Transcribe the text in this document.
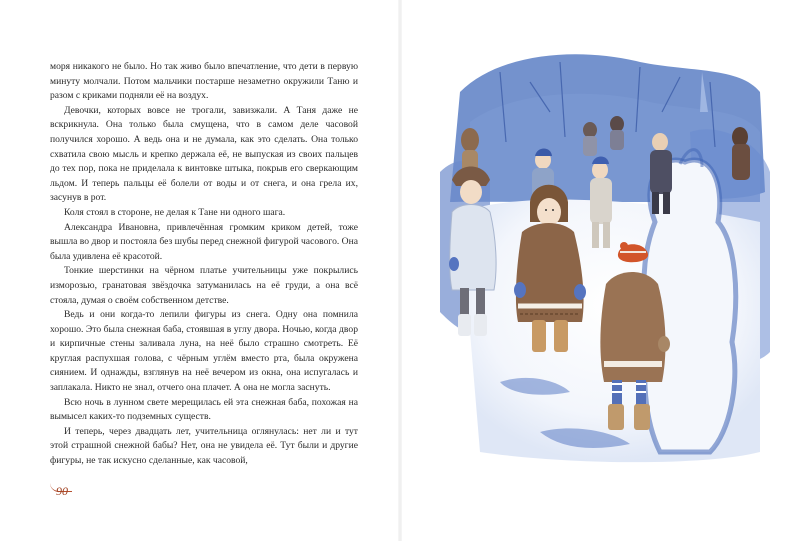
моря никакого не было. Но так живо было впечатление, что дети в первую минуту молчали. Потом мальчики постарше незаметно окружили Таню и разом с криками подняли её на воздух.

Девочки, которых вовсе не трогали, завизжали. А Таня даже не вскрикнула. Она только была смущена, что в самом деле часовой получился хорошо. А ведь она и не думала, как это сделать. Она только схватила свою мысль и крепко держала её, не выпуская из своих пальцев до тех пор, пока не приделала к винтовке штыка, покрыв его сверкающим льдом. И теперь пальцы её болели от воды и от снега, и она грела их, засунув в рот.

Коля стоял в стороне, не делая к Тане ни одного шага.

Александра Ивановна, привлечённая громким криком детей, тоже вышла во двор и постояла без шубы перед снежной фигурой часового. Она была удивлена её красотой.

Тонкие шерстинки на чёрном платье учительницы уже покрылись изморозью, гранатовая звёздочка затуманилась на её груди, а она всё стояла, думая о своём собственном детстве.

Ведь и они когда-то лепили фигуры из снега. Одну она помнила хорошо. Это была снежная баба, стоявшая в углу двора. Ночью, когда двор и кирпичные стены заливала луна, на неё было страшно смотреть. Её круглая распухшая голова, с чёрным углём вместо рта, была окружена сиянием. И однажды, взглянув на неё вечером из окна, она испугалась и заплакала. Никто не знал, отчего она плачет. А она не могла заснуть.

Всю ночь в лунном свете мерещилась ей эта снежная баба, похожая на вымысел каких-то подземных существ.

И теперь, через двадцать лет, учительница оглянулась: нет ли и тут этой страшной снежной бабы? Нет, она не увидела её. Тут были и другие фигуры, не так искусно сделанные, как часовой,

90
